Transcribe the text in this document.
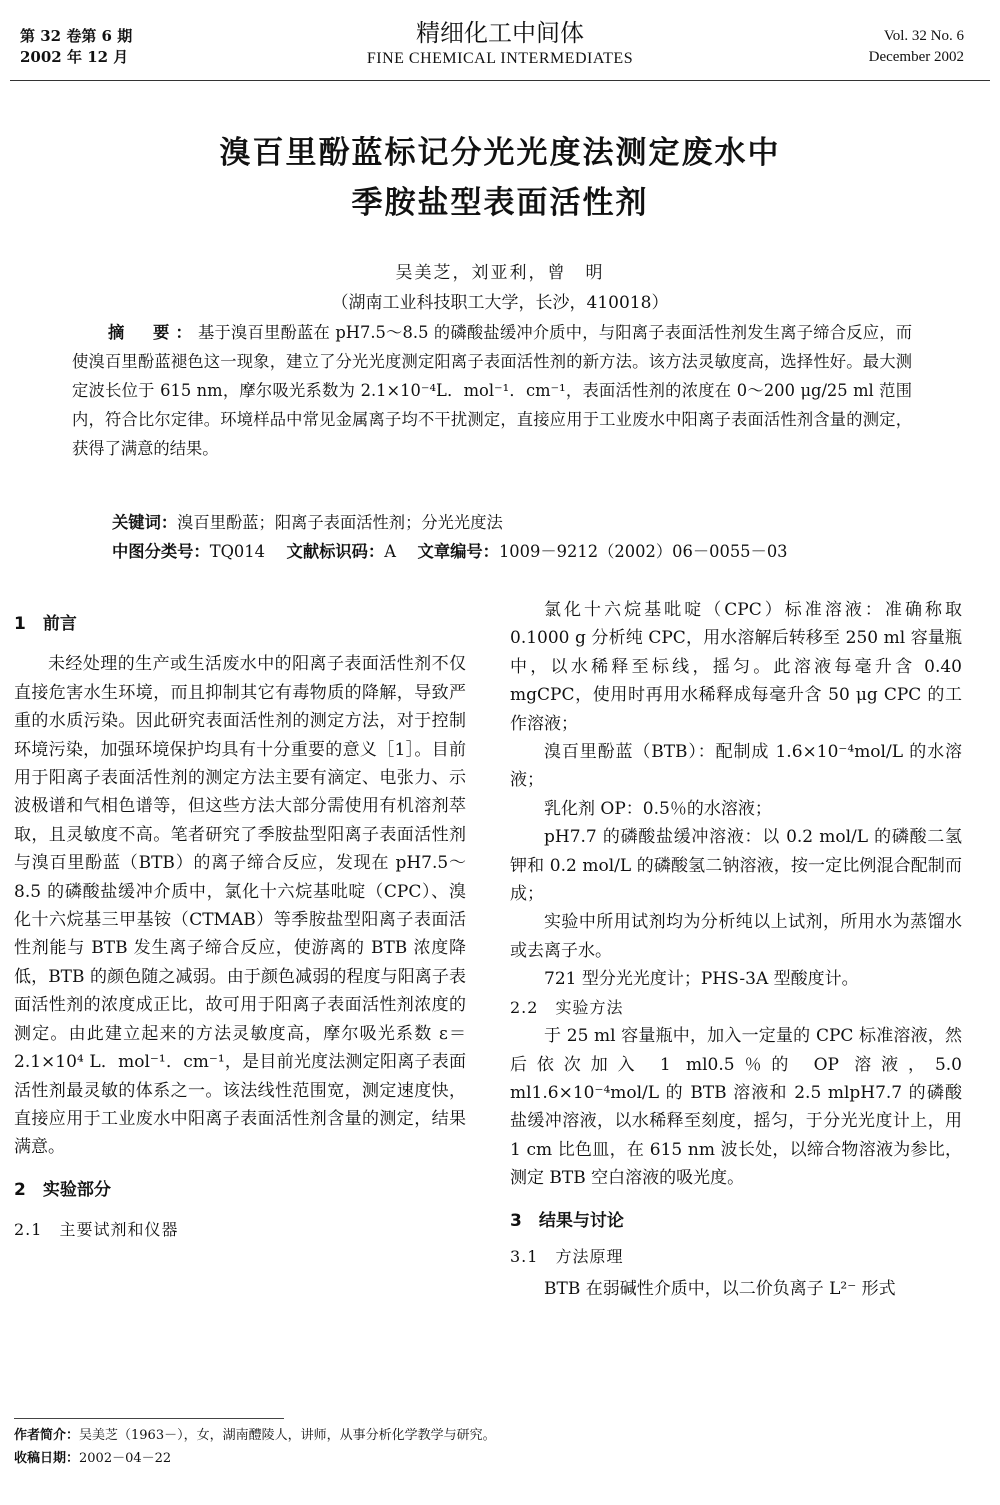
第 32 卷第 6 期
2002 年 12 月
精细化工中间体
FINE CHEMICAL INTERMEDIATES
Vol. 32 No. 6
December 2002
溴百里酚蓝标记分光光度法测定废水中
季胺盐型表面活性剂
吴美芝，刘亚利，曾　明
（湖南工业科技职工大学，长沙，410018）
摘　要：基于溴百里酚蓝在 pH7.5～8.5 的磷酸盐缓冲介质中，与阳离子表面活性剂发生离子缔合反应，而使溴百里酚蓝褪色这一现象，建立了分光光度测定阳离子表面活性剂的新方法。该方法灵敏度高，选择性好。最大测定波长位于 615 nm，摩尔吸光系数为 2.1×10⁻⁴L．mol⁻¹．cm⁻¹，表面活性剂的浓度在 0～200 μg/25 ml 范围内，符合比尔定律。环境样品中常见金属离子均不干扰测定，直接应用于工业废水中阳离子表面活性剂含量的测定，获得了满意的结果。
关键词：溴百里酚蓝；阳离子表面活性剂；分光光度法
中图分类号：TQ014 文献标识码：A 文章编号：1009－9212（2002）06－0055－03
1　前言

未经处理的生产或生活废水中的阳离子表面活性剂不仅直接危害水生环境，而且抑制其它有毒物质的降解，导致严重的水质污染。因此研究表面活性剂的测定方法，对于控制环境污染，加强环境保护均具有十分重要的意义［1］。目前用于阳离子表面活性剂的测定方法主要有滴定、电张力、示波极谱和气相色谱等，但这些方法大部分需使用有机溶剂萃取，且灵敏度不高。笔者研究了季胺盐型阳离子表面活性剂与溴百里酚蓝（BTB）的离子缔合反应，发现在 pH7.5～8.5 的磷酸盐缓冲介质中，氯化十六烷基吡啶（CPC）、溴化十六烷基三甲基铵（CTMAB）等季胺盐型阳离子表面活性剂能与 BTB 发生离子缔合反应，使游离的 BTB 浓度降低，BTB 的颜色随之减弱。由于颜色减弱的程度与阳离子表面活性剂的浓度成正比，故可用于阳离子表面活性剂浓度的测定。由此建立起来的方法灵敏度高，摩尔吸光系数 ε＝2.1×10⁴ L．mol⁻¹．cm⁻¹，是目前光度法测定阳离子表面活性剂最灵敏的体系之一。该法线性范围宽，测定速度快，直接应用于工业废水中阳离子表面活性剂含量的测定，结果满意。

2　实验部分
2.1　主要试剂和仪器

氯化十六烷基吡啶（CPC）标准溶液：准确称取 0.1000 g 分析纯 CPC，用水溶解后转移至 250 ml 容量瓶中，以水稀释至标线，摇匀。此溶液每毫升含 0.40 mgCPC，使用时再用水稀释成每毫升含 50 μg CPC 的工作溶液；

溴百里酚蓝（BTB）：配制成 1.6×10⁻⁴mol/L 的水溶液；

乳化剂 OP：0.5％的水溶液；

pH7.7 的磷酸盐缓冲溶液：以 0.2 mol/L 的磷酸二氢钾和 0.2 mol/L 的磷酸氢二钠溶液，按一定比例混合配制而成；

实验中所用试剂均为分析纯以上试剂，所用水为蒸馏水或去离子水。

721 型分光光度计；PHS-3A 型酸度计。

2.2　实验方法

于 25 ml 容量瓶中，加入一定量的 CPC 标准溶液，然后依次加入 1 ml0.5％的 OP 溶液，5.0 ml1.6×10⁻⁴mol/L 的 BTB 溶液和 2.5 mlpH7.7 的磷酸盐缓冲溶液，以水稀释至刻度，摇匀，于分光光度计上，用 1 cm 比色皿，在 615 nm 波长处，以缔合物溶液为参比，测定 BTB 空白溶液的吸光度。

3　结果与讨论
3.1　方法原理

BTB 在弱碱性介质中，以二价负离子 L²⁻ 形式

作者简介：吴美芝（1963－），女，湖南醴陵人，讲师，从事分析化学教学与研究。
收稿日期：2002－04－22
